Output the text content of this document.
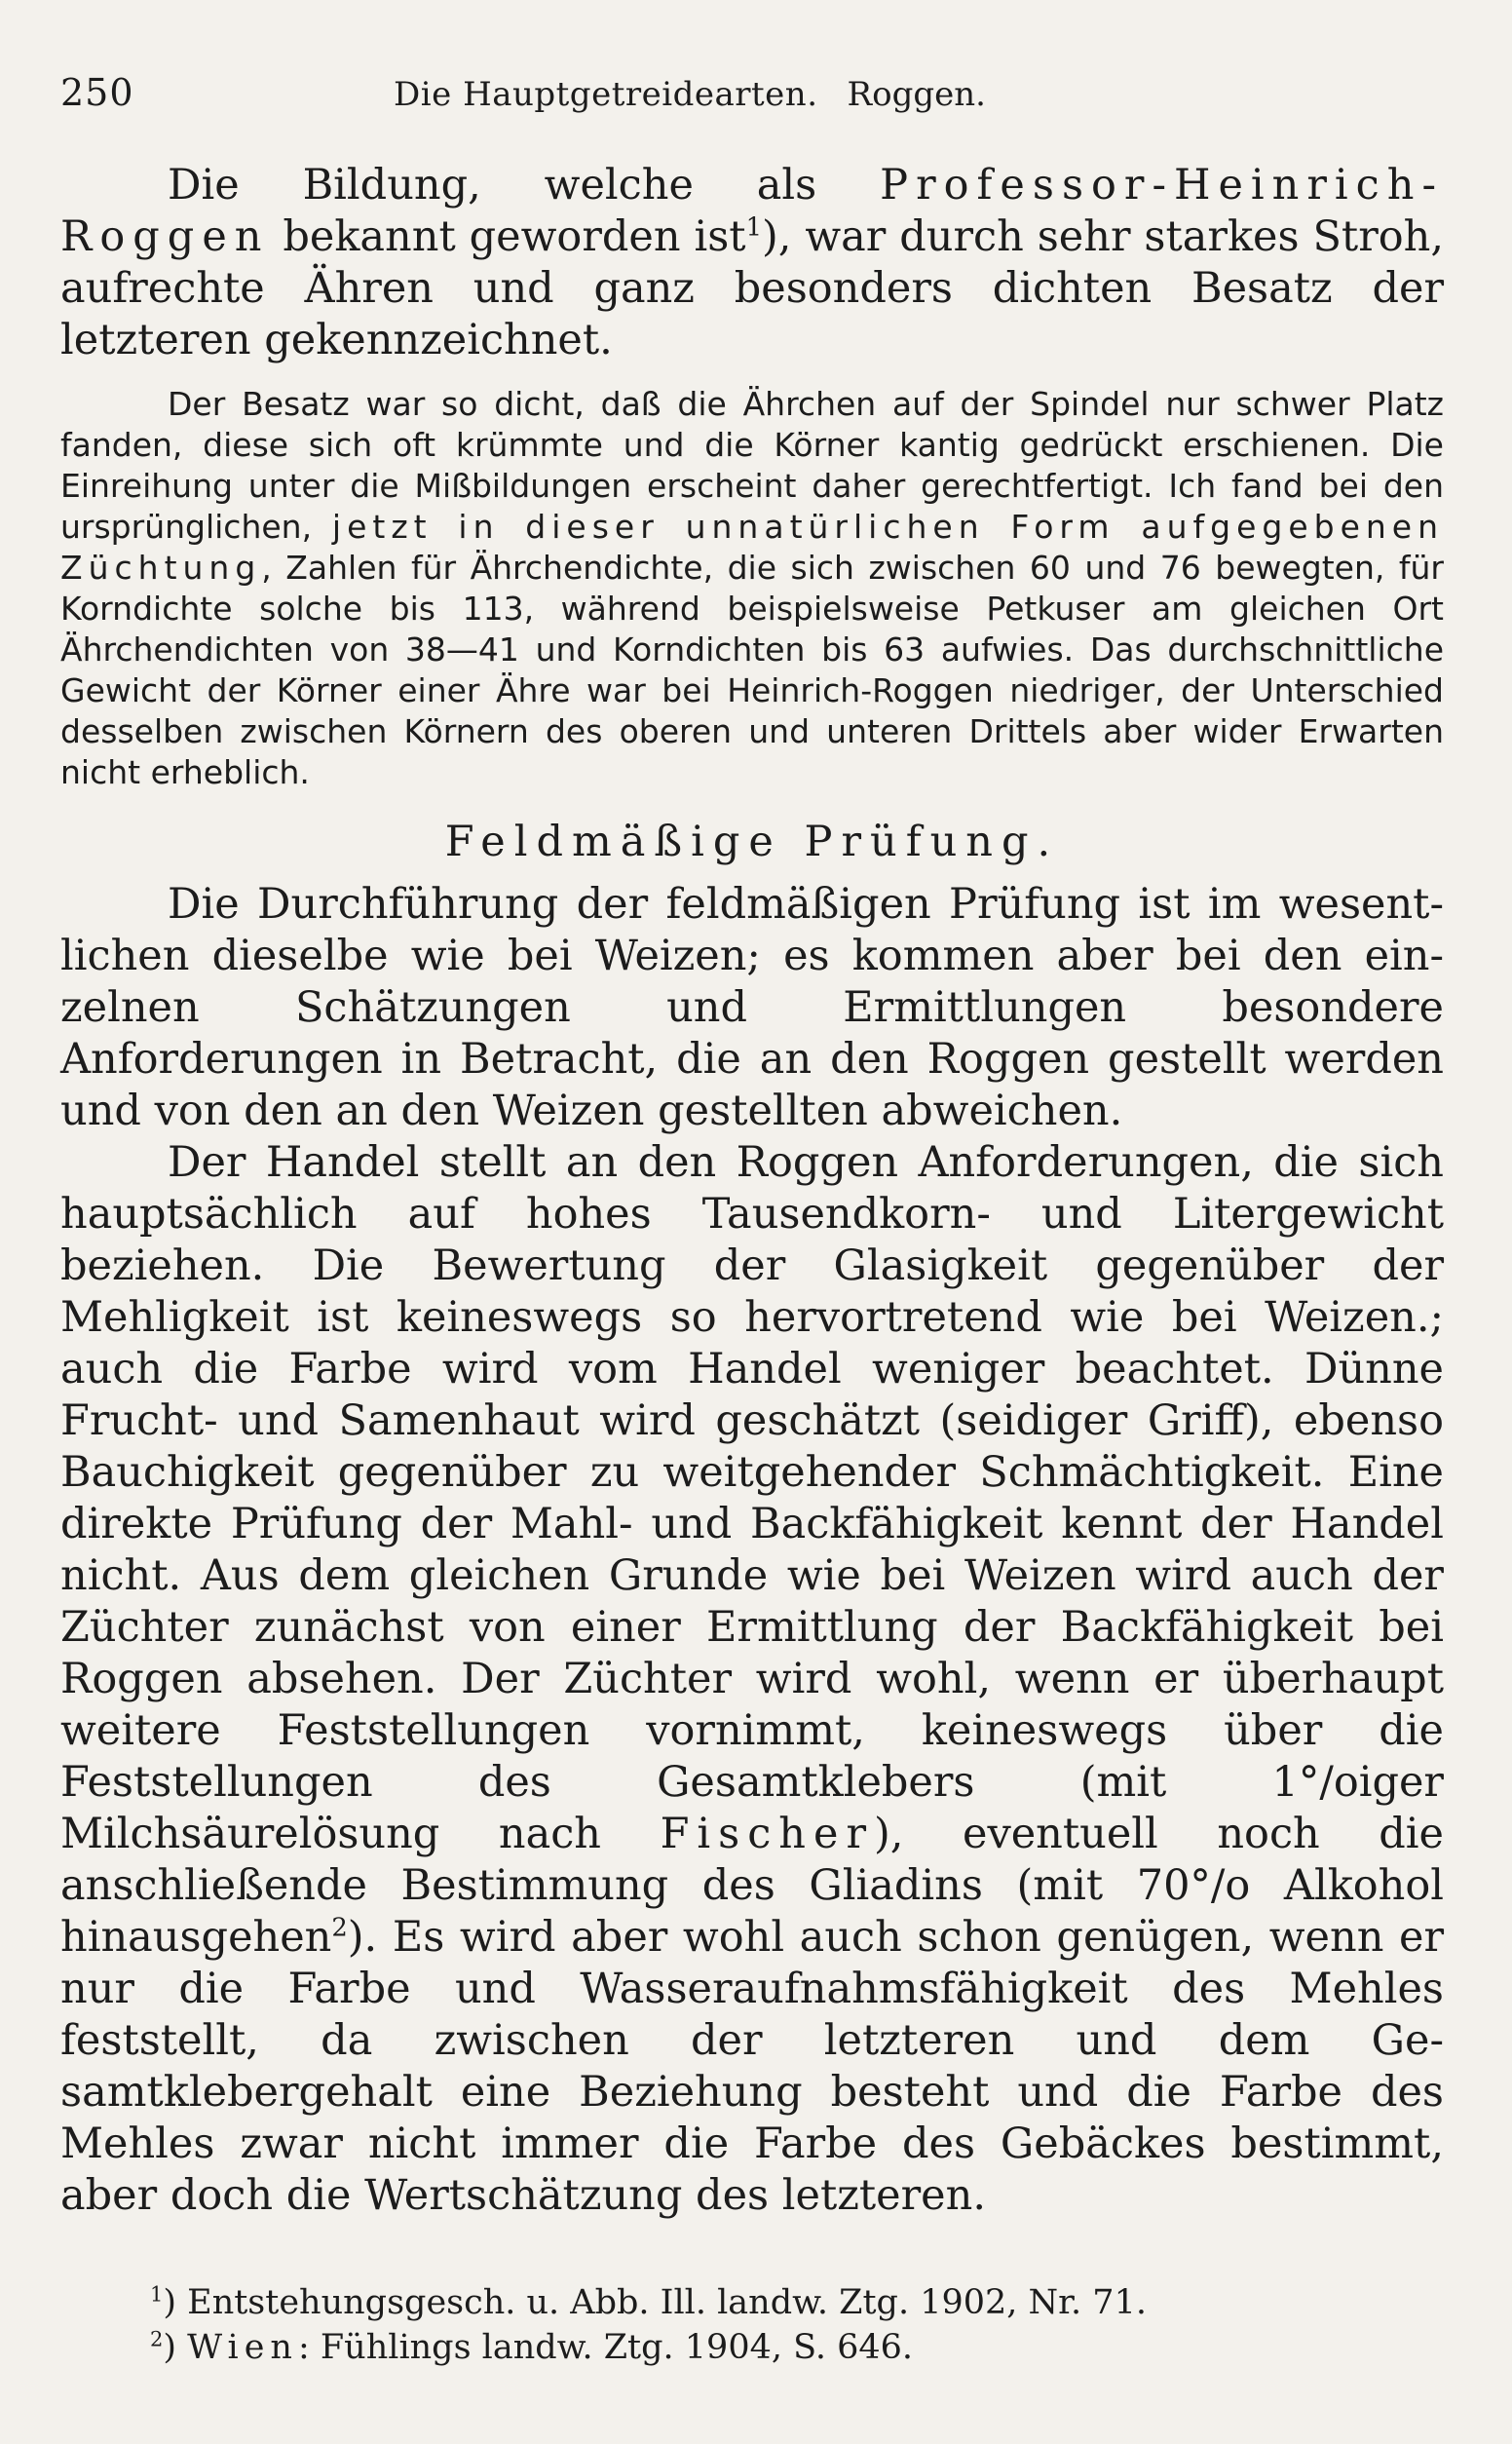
250	Die Hauptgetreidearten. Roggen.

Die Bildung, welche als Professor-Heinrich-Roggen bekannt geworden ist$^1$), war durch sehr starkes Stroh, aufrechte Ähren und ganz besonders dichten Besatz der letzteren gekennzeichnet.

Der Besatz war so dicht, daß die Ährchen auf der Spindel nur schwer Platz fanden, diese sich oft krümmte und die Körner kantig gedrückt erschienen. Die Einreihung unter die Mißbildungen erscheint daher gerechtfertigt. Ich fand bei den ursprünglichen, jetzt in dieser unnatürlichen Form aufgegebenen Züchtung, Zahlen für Ährchendichte, die sich zwischen 60 und 76 bewegten, für Korndichte solche bis 113, während beispielsweise Petkuser am gleichen Ort Ährchendichten von 38—41 und Korndichten bis 63 aufwies. Das durchschnittliche Gewicht der Körner einer Ähre war bei Heinrich-Roggen niedriger, der Unterschied desselben zwischen Körnern des oberen und unteren Drittels aber wider Erwarten nicht erheblich.

Feldmäßige Prüfung.

Die Durchführung der feldmäßigen Prüfung ist im wesentlichen dieselbe wie bei Weizen; es kommen aber bei den einzelnen Schätzungen und Ermittlungen besondere Anforderungen in Betracht, die an den Roggen gestellt werden und von den an den Weizen gestellten abweichen.

Der Handel stellt an den Roggen Anforderungen, die sich hauptsächlich auf hohes Tausendkorn- und Litergewicht beziehen. Die Bewertung der Glasigkeit gegenüber der Mehligkeit ist keineswegs so hervortretend wie bei Weizen.; auch die Farbe wird vom Handel weniger beachtet. Dünne Frucht- und Samenhaut wird geschätzt (seidiger Griff), ebenso Bauchigkeit gegenüber zu weitgehender Schmächtigkeit. Eine direkte Prüfung der Mahl- und Backfähigkeit kennt der Handel nicht. Aus dem gleichen Grunde wie bei Weizen wird auch der Züchter zunächst von einer Ermittlung der Backfähigkeit bei Roggen absehen. Der Züchter wird wohl, wenn er überhaupt weitere Feststellungen vornimmt, keineswegs über die Feststellungen des Gesamtklebers (mit 1°/oiger Milchsäurelösung nach Fischer), eventuell noch die anschließende Bestimmung des Gliadins (mit 70°/o Alkohol hinausgehen$^2$). Es wird aber wohl auch schon genügen, wenn er nur die Farbe und Wasseraufnahmsfähigkeit des Mehles feststellt, da zwischen der letzteren und dem Gesamtklebergehalt eine Beziehung besteht und die Farbe des Mehles zwar nicht immer die Farbe des Gebäckes bestimmt, aber doch die Wertschätzung des letzteren.

$^1$) Entstehungsgesch. u. Abb. Ill. landw. Ztg. 1902, Nr. 71.
$^2$) Wien: Fühlings landw. Ztg. 1904, S. 646.
